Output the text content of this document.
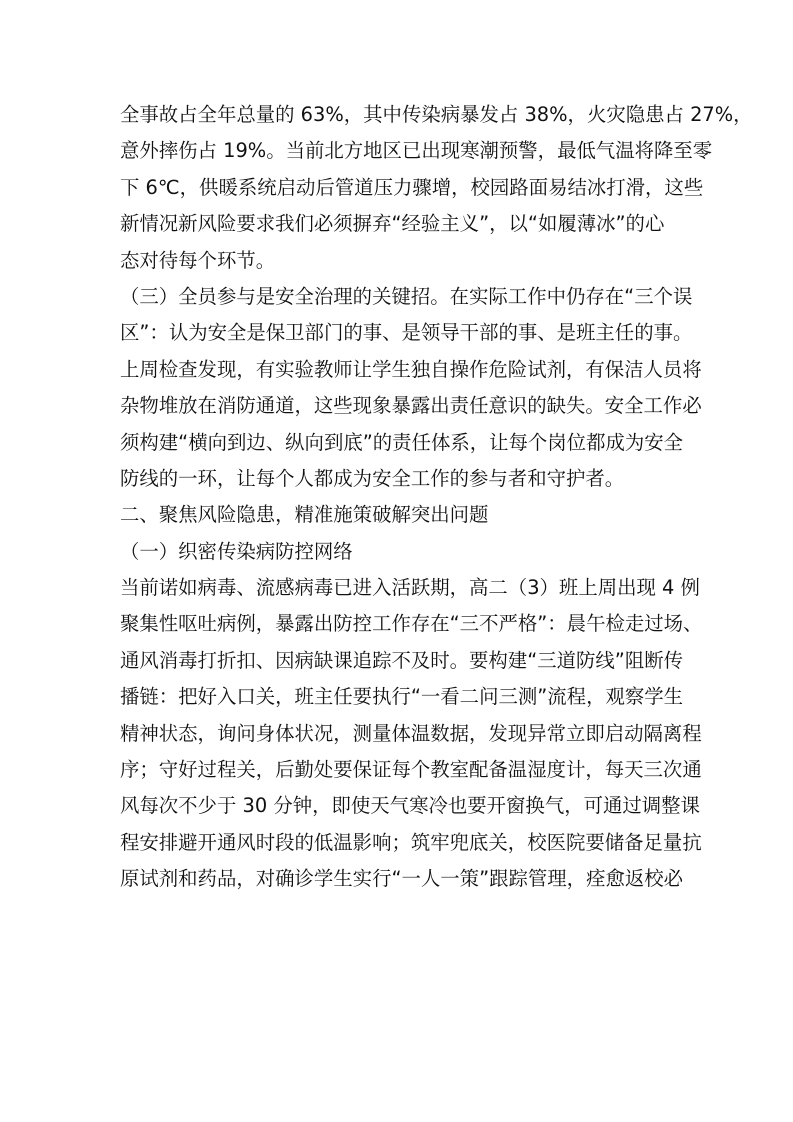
全事故占全年总量的 63%，其中传染病暴发占 38%，火灾隐患占 27%，
意外摔伤占 19%。当前北方地区已出现寒潮预警，最低气温将降至零
下 6℃，供暖系统启动后管道压力骤增，校园路面易结冰打滑，这些
新情况新风险要求我们必须摒弃“经验主义”，以“如履薄冰”的心
态对待每个环节。
（三）全员参与是安全治理的关键招。在实际工作中仍存在“三个误
区”：认为安全是保卫部门的事、是领导干部的事、是班主任的事。
上周检查发现，有实验教师让学生独自操作危险试剂，有保洁人员将
杂物堆放在消防通道，这些现象暴露出责任意识的缺失。安全工作必
须构建“横向到边、纵向到底”的责任体系，让每个岗位都成为安全
防线的一环，让每个人都成为安全工作的参与者和守护者。
二、聚焦风险隐患，精准施策破解突出问题
（一）织密传染病防控网络
当前诺如病毒、流感病毒已进入活跃期，高二（3）班上周出现 4 例
聚集性呕吐病例，暴露出防控工作存在“三不严格”：晨午检走过场、
通风消毒打折扣、因病缺课追踪不及时。要构建“三道防线”阻断传
播链：把好入口关，班主任要执行“一看二问三测”流程，观察学生
精神状态，询问身体状况，测量体温数据，发现异常立即启动隔离程
序；守好过程关，后勤处要保证每个教室配备温湿度计，每天三次通
风每次不少于 30 分钟，即使天气寒冷也要开窗换气，可通过调整课
程安排避开通风时段的低温影响；筑牢兜底关，校医院要储备足量抗
原试剂和药品，对确诊学生实行“一人一策”跟踪管理，痊愈返校必
